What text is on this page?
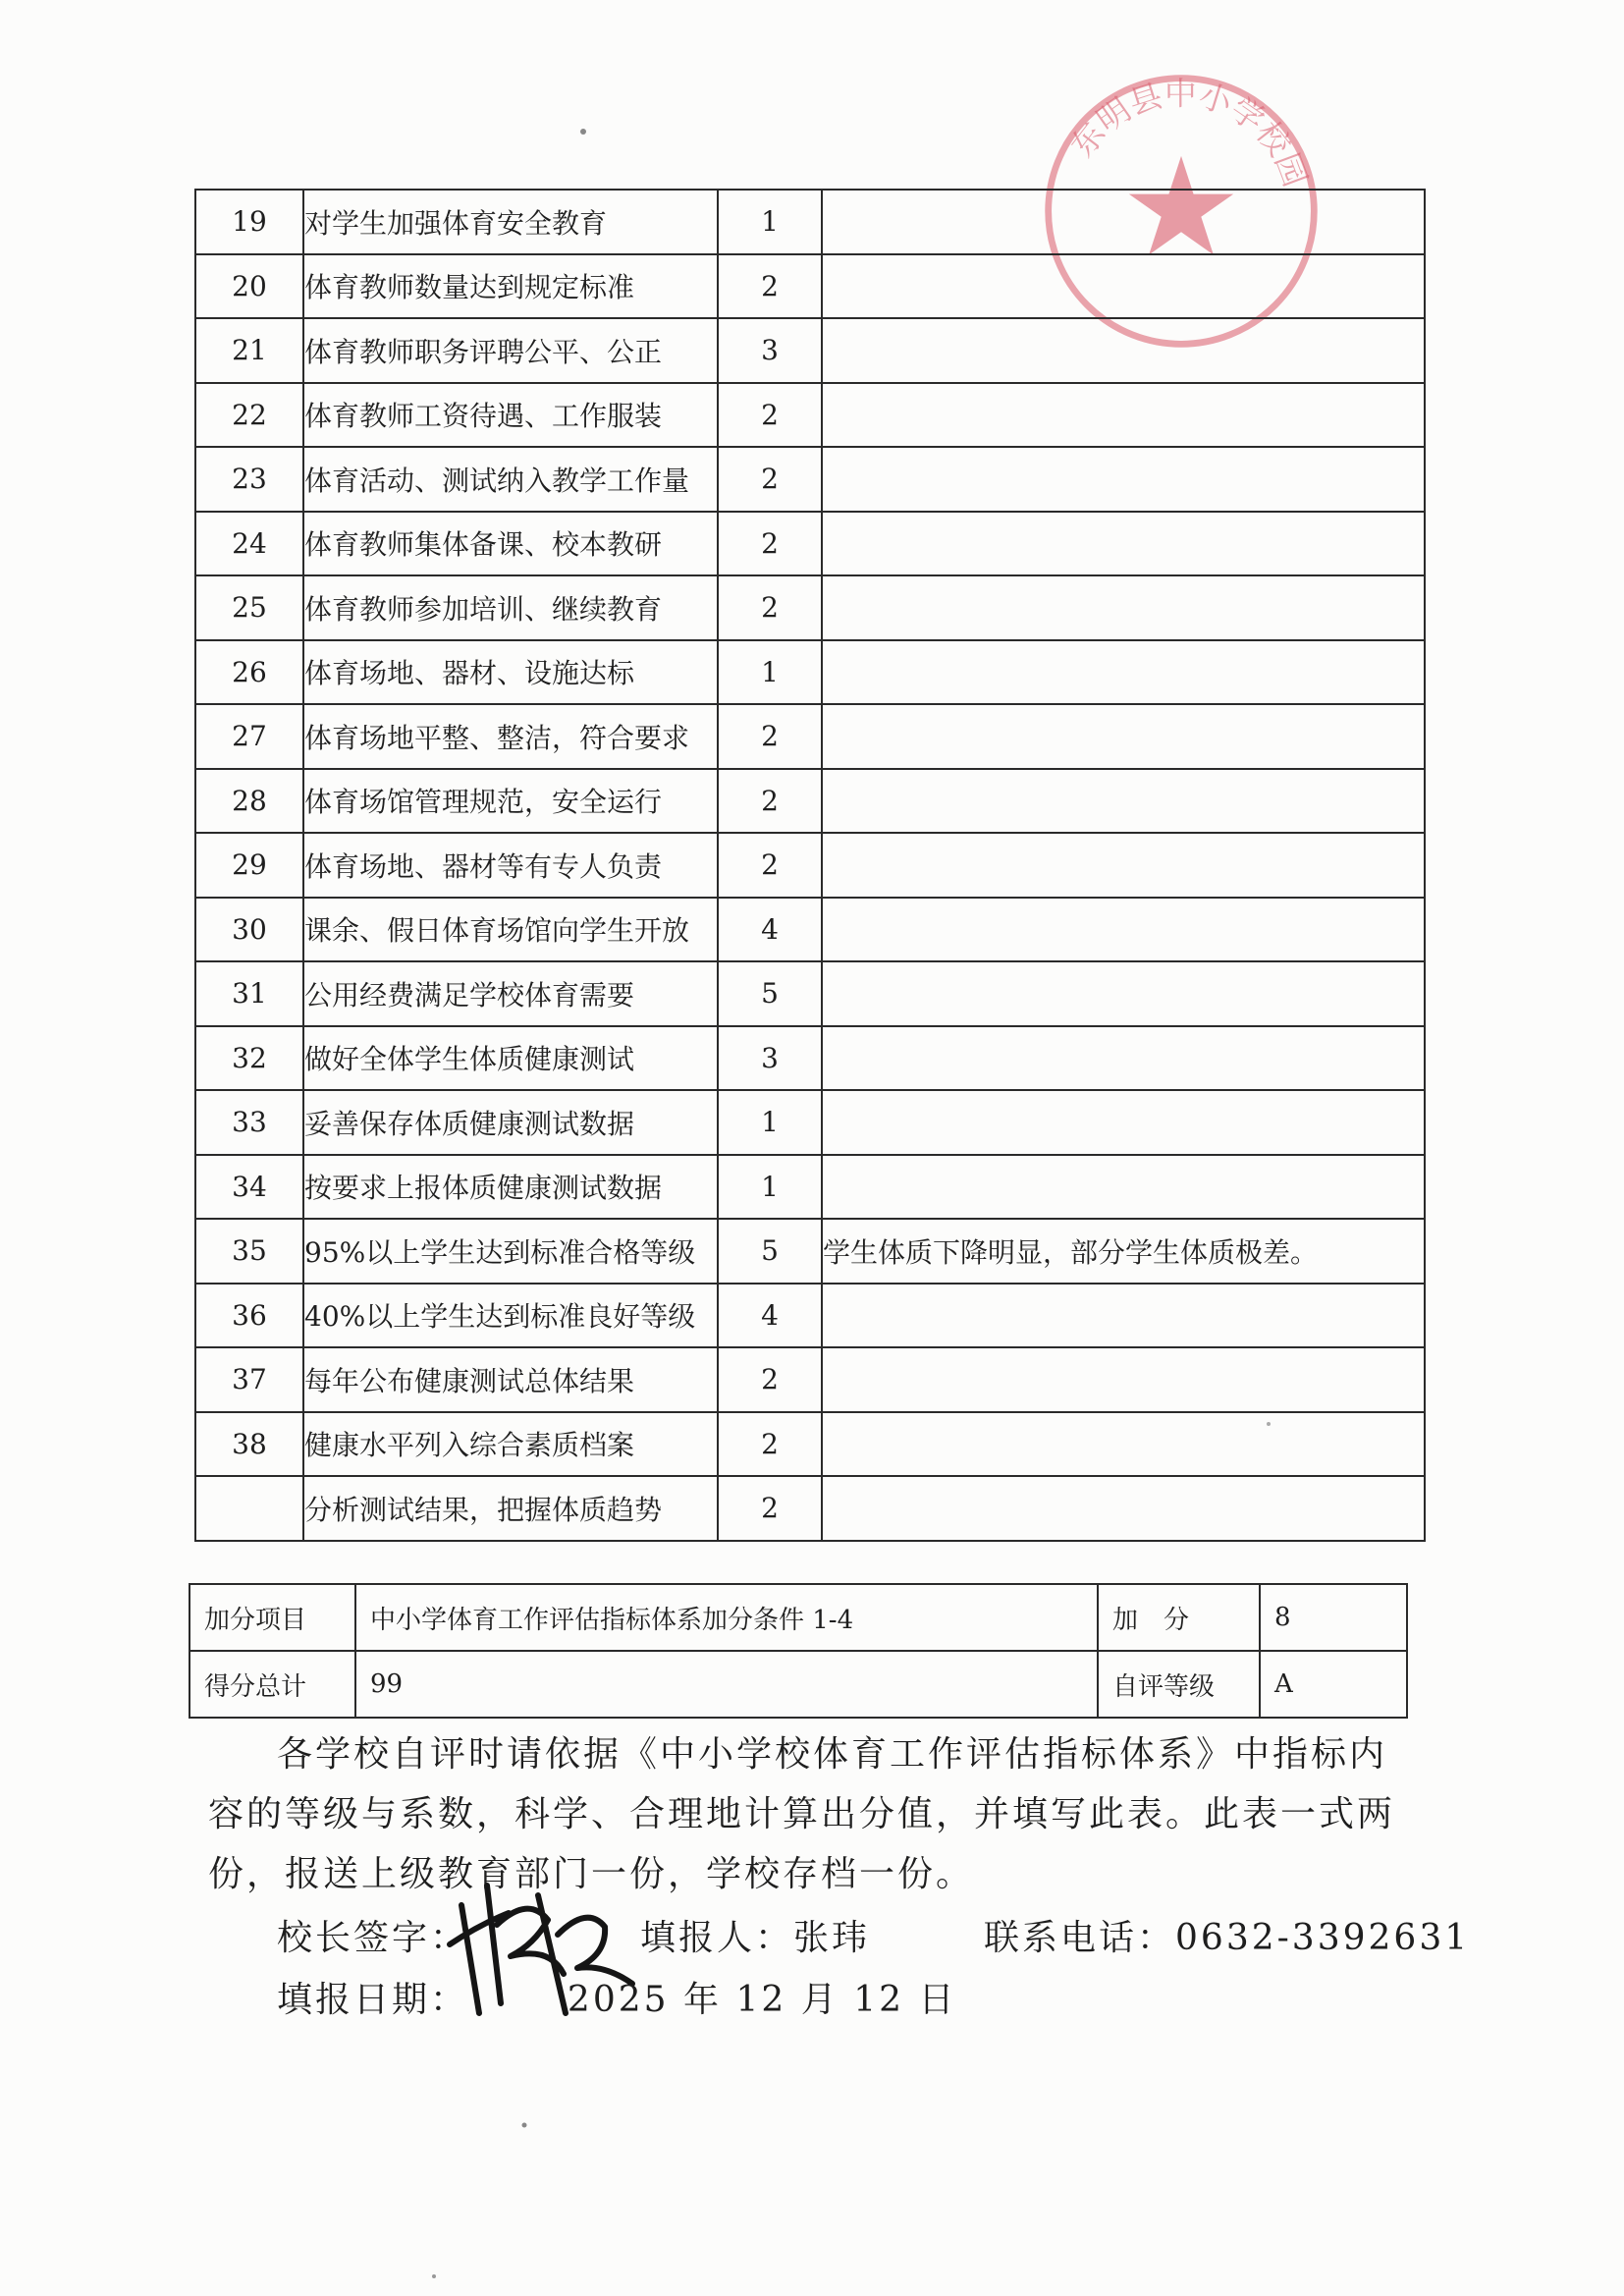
东明县中小学校园
19	对学生加强体育安全教育	1	
20	体育教师数量达到规定标准	2	
21	体育教师职务评聘公平、公正	3	
22	体育教师工资待遇、工作服装	2	
23	体育活动、测试纳入教学工作量	2	
24	体育教师集体备课、校本教研	2	
25	体育教师参加培训、继续教育	2	
26	体育场地、器材、设施达标	1	
27	体育场地平整、整洁，符合要求	2	
28	体育场馆管理规范，安全运行	2	
29	体育场地、器材等有专人负责	2	
30	课余、假日体育场馆向学生开放	4	
31	公用经费满足学校体育需要	5	
32	做好全体学生体质健康测试	3	
33	妥善保存体质健康测试数据	1	
34	按要求上报体质健康测试数据	1	
35	95%以上学生达到标准合格等级	5	学生体质下降明显，部分学生体质极差。
36	40%以上学生达到标准良好等级	4	
37	每年公布健康测试总体结果	2	
38	健康水平列入综合素质档案	2	
	分析测试结果，把握体质趋势	2	
加分项目	中小学体育工作评估指标体系加分条件 1-4	加　分	8
得分总计	99	自评等级	A
各学校自评时请依据《中小学校体育工作评估指标体系》中指标内
容的等级与系数，科学、合理地计算出分值，并填写此表。此表一式两
份，报送上级教育部门一份，学校存档一份。
校长签字：	填报人：张玮	联系电话：0632-3392631
填报日期：	2025 年 12 月 12 日
